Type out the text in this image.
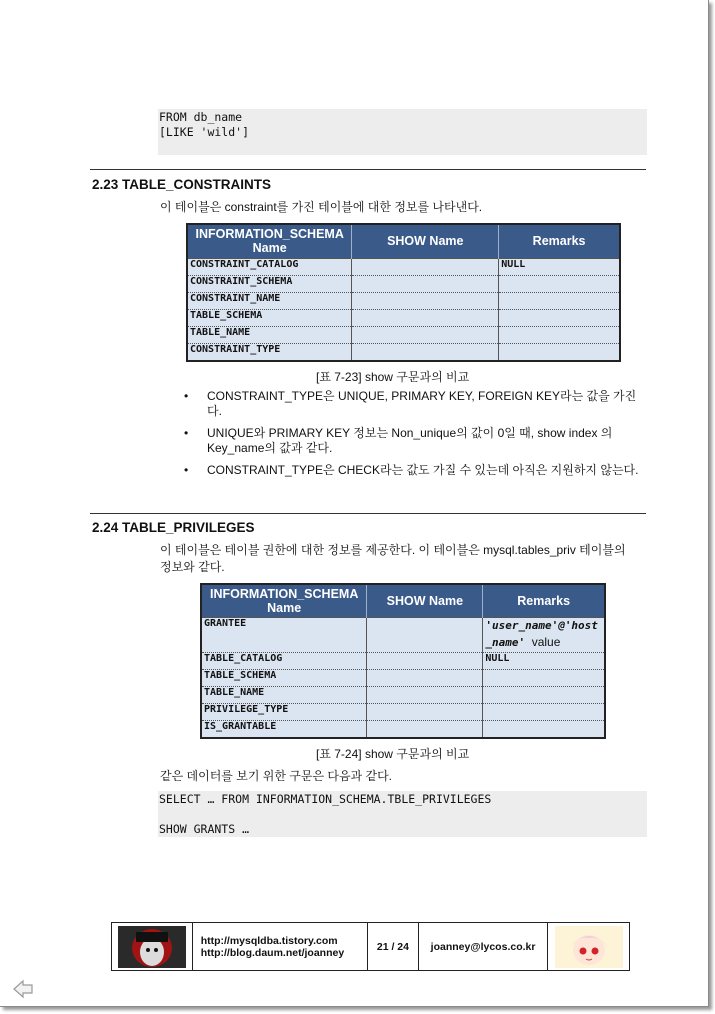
FROM db_name
[LIKE 'wild']
2.23 TABLE_CONSTRAINTS
이 테이블은 constraint를 가진 테이블에 대한 정보를 나타낸다.
INFORMATION_SCHEMA Name	SHOW Name	Remarks
CONSTRAINT_CATALOG		NULL
CONSTRAINT_SCHEMA		
CONSTRAINT_NAME		
TABLE_SCHEMA		
TABLE_NAME		
CONSTRAINT_TYPE		
[표 7-23] show 구문과의 비교
• CONSTRAINT_TYPE은 UNIQUE, PRIMARY KEY, FOREIGN KEY라는 값을 가진다.
• UNIQUE와 PRIMARY KEY 정보는 Non_unique의 값이 0일 때, show index 의 Key_name의 값과 같다.
• CONSTRAINT_TYPE은 CHECK라는 값도 가질 수 있는데 아직은 지원하지 않는다.
2.24 TABLE_PRIVILEGES
이 테이블은 테이블 권한에 대한 정보를 제공한다. 이 테이블은 mysql.tables_priv 테이블의 정보와 같다.
INFORMATION_SCHEMA Name	SHOW Name	Remarks
GRANTEE		'user_name'@'host_name' value
TABLE_CATALOG		NULL
TABLE_SCHEMA		
TABLE_NAME		
PRIVILEGE_TYPE		
IS_GRANTABLE		
[표 7-24] show 구문과의 비교
같은 데이터를 보기 위한 구문은 다음과 같다.
SELECT … FROM INFORMATION_SCHEMA.TBLE_PRIVILEGES

SHOW GRANTS …
http://mysqldba.tistory.com
http://blog.daum.net/joanney	21 / 24	joanney@lycos.co.kr
